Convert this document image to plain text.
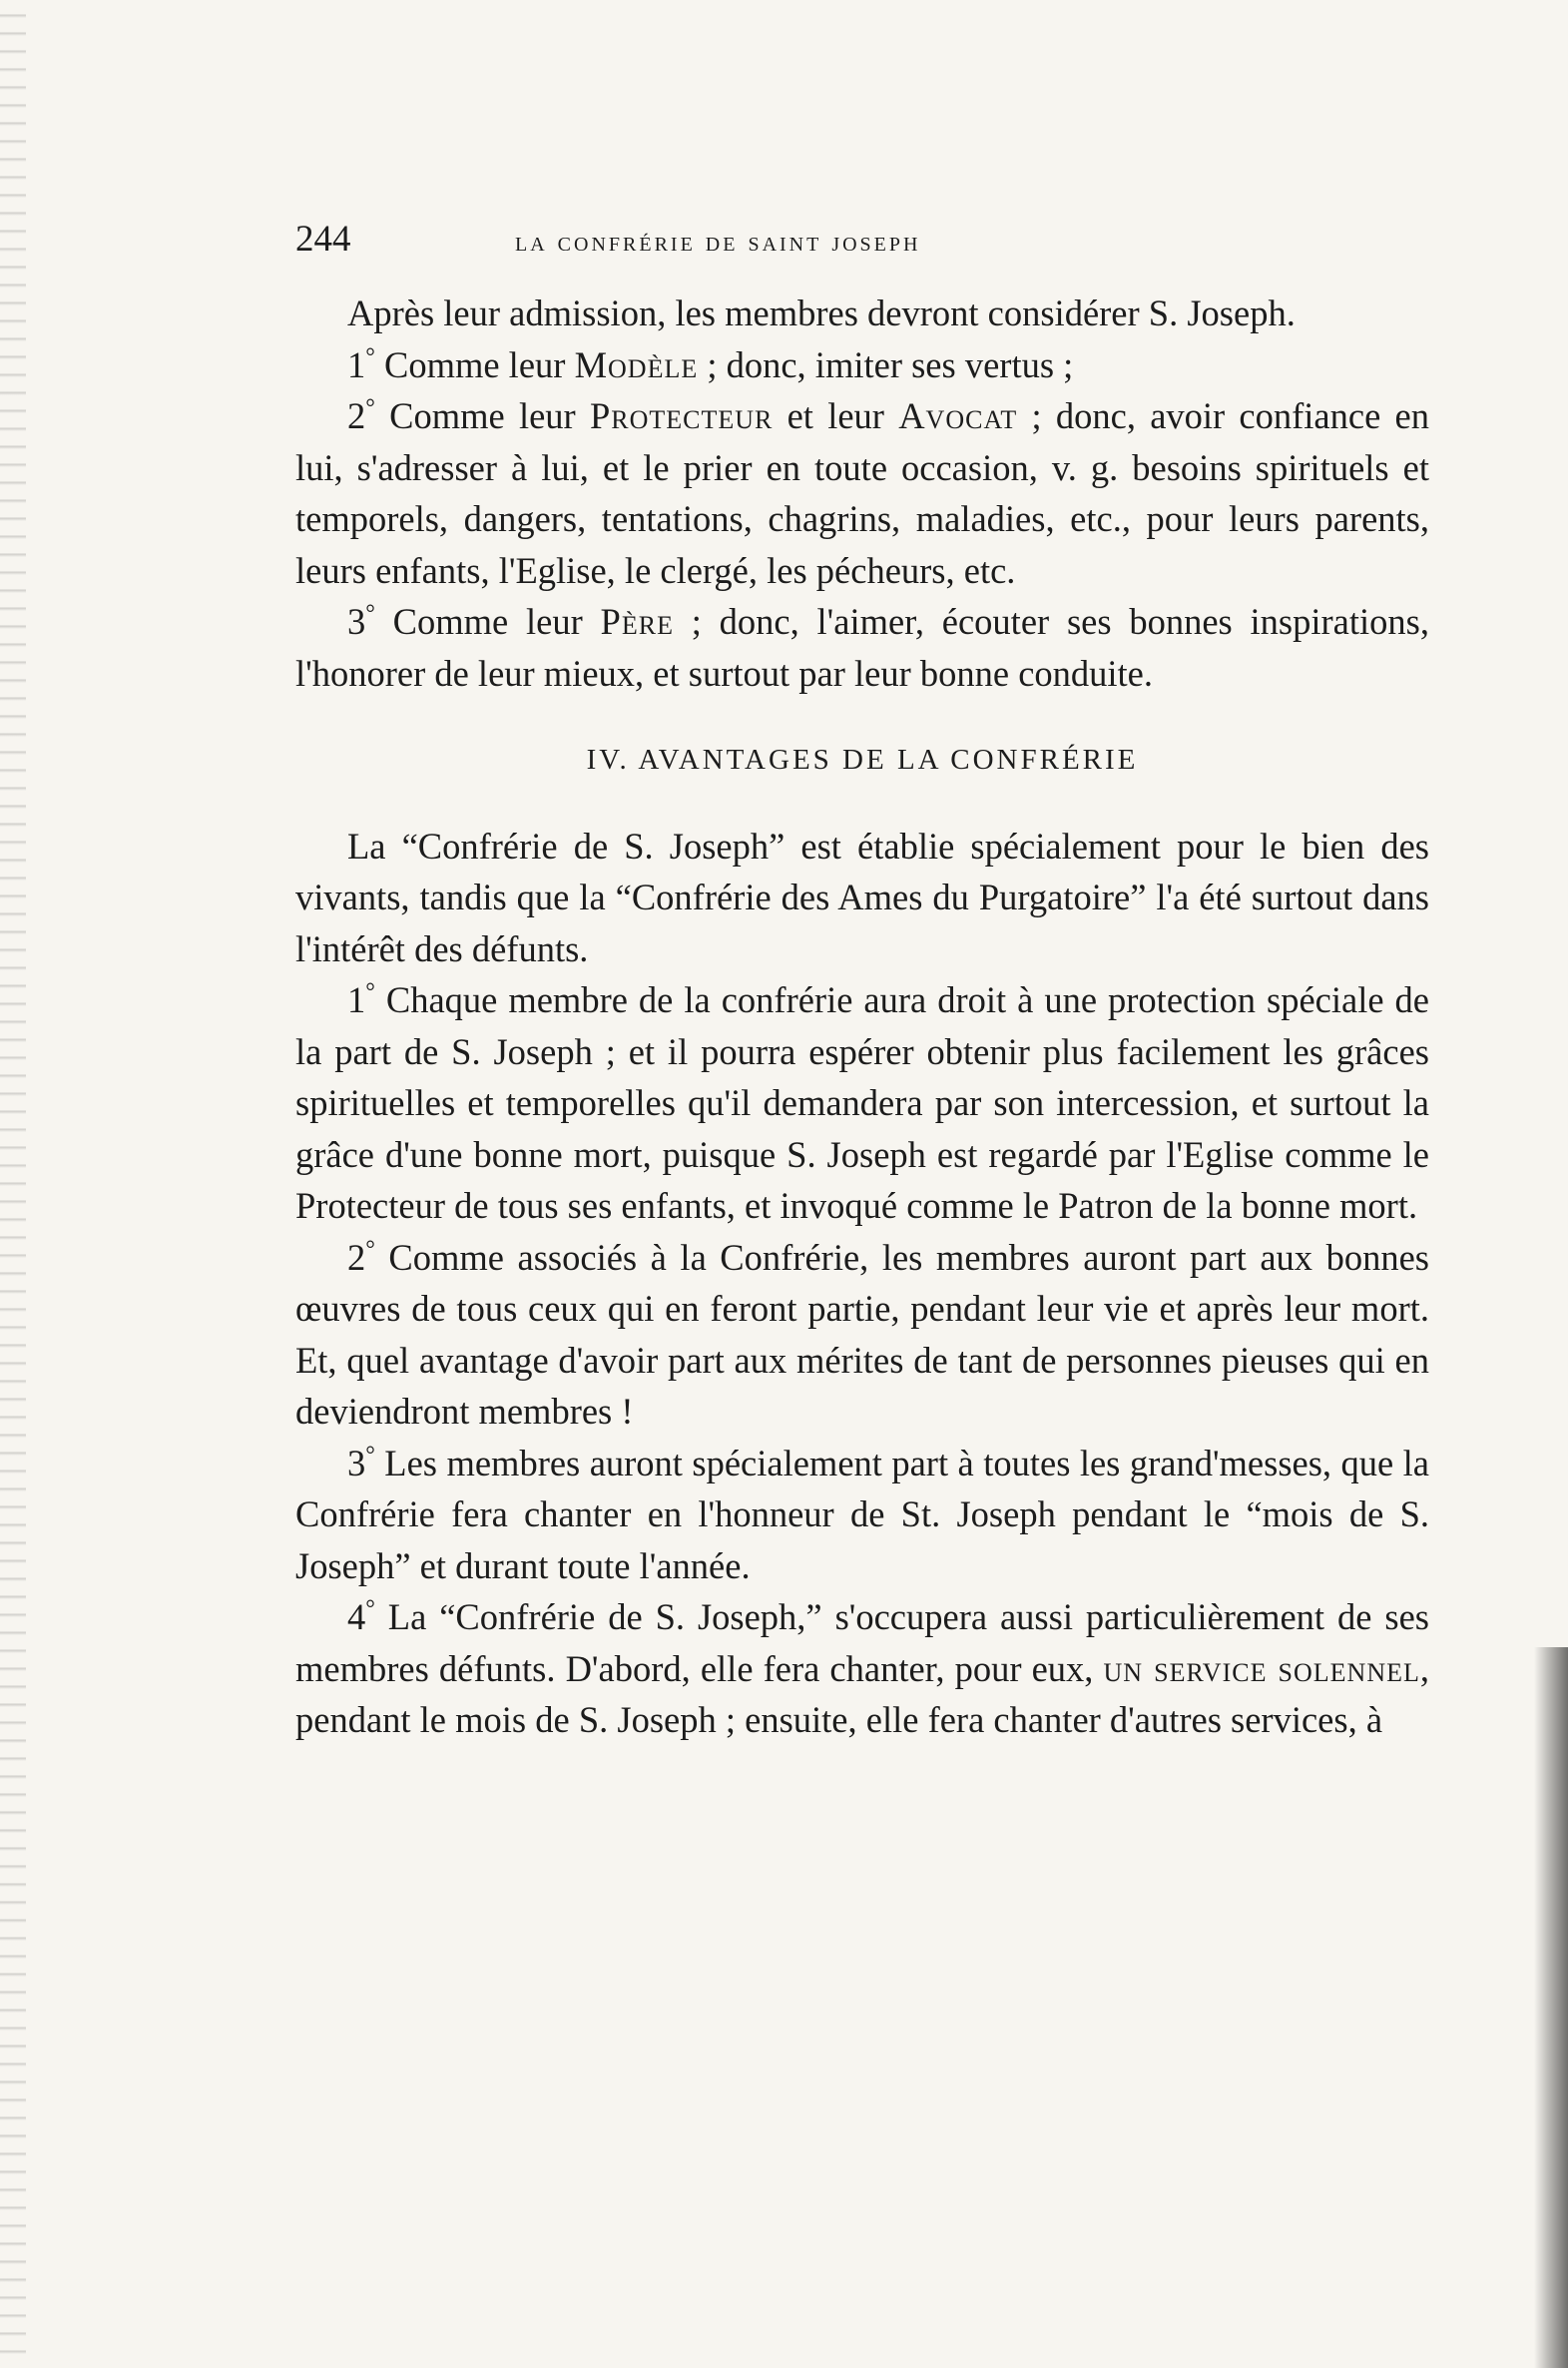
244	la confrérie de saint joseph

Après leur admission, les membres devront considérer S. Joseph.

1° Comme leur Modèle ; donc, imiter ses vertus ;

2° Comme leur Protecteur et leur Avocat ; donc, avoir confiance en lui, s'adresser à lui, et le prier en toute occasion, v. g. besoins spirituels et temporels, dangers, tentations, chagrins, maladies, etc., pour leurs parents, leurs enfants, l'Eglise, le clergé, les pécheurs, etc.

3° Comme leur Père ; donc, l'aimer, écouter ses bonnes inspirations, l'honorer de leur mieux, et surtout par leur bonne conduite.

IV. AVANTAGES DE LA CONFRÉRIE

La “Confrérie de S. Joseph” est établie spécialement pour le bien des vivants, tandis que la “Confrérie des Ames du Purgatoire” l'a été surtout dans l'intérêt des défunts.

1° Chaque membre de la confrérie aura droit à une protection spéciale de la part de S. Joseph ; et il pourra espérer obtenir plus facilement les grâces spirituelles et temporelles qu'il demandera par son intercession, et surtout la grâce d'une bonne mort, puisque S. Joseph est regardé par l'Eglise comme le Protecteur de tous ses enfants, et invoqué comme le Patron de la bonne mort.

2° Comme associés à la Confrérie, les membres auront part aux bonnes œuvres de tous ceux qui en feront partie, pendant leur vie et après leur mort. Et, quel avantage d'avoir part aux mérites de tant de personnes pieuses qui en deviendront membres !

3° Les membres auront spécialement part à toutes les grand'messes, que la Confrérie fera chanter en l'honneur de St. Joseph pendant le “mois de S. Joseph” et durant toute l'année.

4° La “Confrérie de S. Joseph,” s'occupera aussi particulièrement de ses membres défunts. D'abord, elle fera chanter, pour eux, un service solennel, pendant le mois de S. Joseph ; ensuite, elle fera chanter d'autres services, à
